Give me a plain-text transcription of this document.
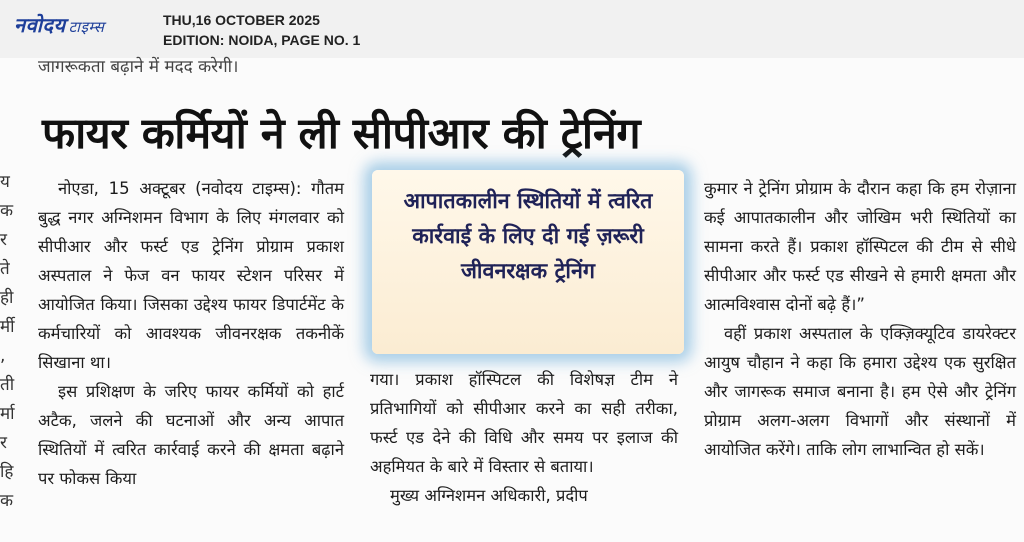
नवोदय टाइम्स	THU,16 OCTOBER 2025
EDITION: NOIDA, PAGE NO. 1
जागरूकता बढ़ाने में मदद करेगी।
य
क
र
ते
ही
र्मी
,
ती
र्मा
र
हि
क
फायर कर्मियों ने ली सीपीआर की ट्रेनिंग

नोएडा, 15 अक्टूबर (नवोदय टाइम्स): गौतम बुद्ध नगर अग्निशमन विभाग के लिए मंगलवार को सीपीआर और फर्स्ट एड ट्रेनिंग प्रोग्राम प्रकाश अस्पताल ने फेज वन फायर स्टेशन परिसर में आयोजित किया। जिसका उद्देश्य फायर डिपार्टमेंट के कर्मचारियों को आवश्यक जीवनरक्षक तकनीकें सिखाना था।

इस प्रशिक्षण के जरिए फायर कर्मियों को हार्ट अटैक, जलने की घटनाओं और अन्य आपात स्थितियों में त्वरित कार्रवाई करने की क्षमता बढ़ाने पर फोकस किया

आपातकालीन स्थितियों में त्वरित कार्रवाई के लिए दी गई ज़रूरी जीवनरक्षक ट्रेनिंग

गया। प्रकाश हॉस्पिटल की विशेषज्ञ टीम ने प्रतिभागियों को सीपीआर करने का सही तरीका, फर्स्ट एड देने की विधि और समय पर इलाज की अहमियत के बारे में विस्तार से बताया।

मुख्य अग्निशमन अधिकारी, प्रदीप

कुमार ने ट्रेनिंग प्रोग्राम के दौरान कहा कि हम रोज़ाना कई आपातकालीन और जोखिम भरी स्थितियों का सामना करते हैं। प्रकाश हॉस्पिटल की टीम से सीधे सीपीआर और फर्स्ट एड सीखने से हमारी क्षमता और आत्मविश्वास दोनों बढ़े हैं।”

वहीं प्रकाश अस्पताल के एक्ज़िक्यूटिव डायरेक्टर आयुष चौहान ने कहा कि हमारा उद्देश्य एक सुरक्षित और जागरूक समाज बनाना है। हम ऐसे और ट्रेनिंग प्रोग्राम अलग-अलग विभागों और संस्थानों में आयोजित करेंगे। ताकि लोग लाभान्वित हो सकें।
